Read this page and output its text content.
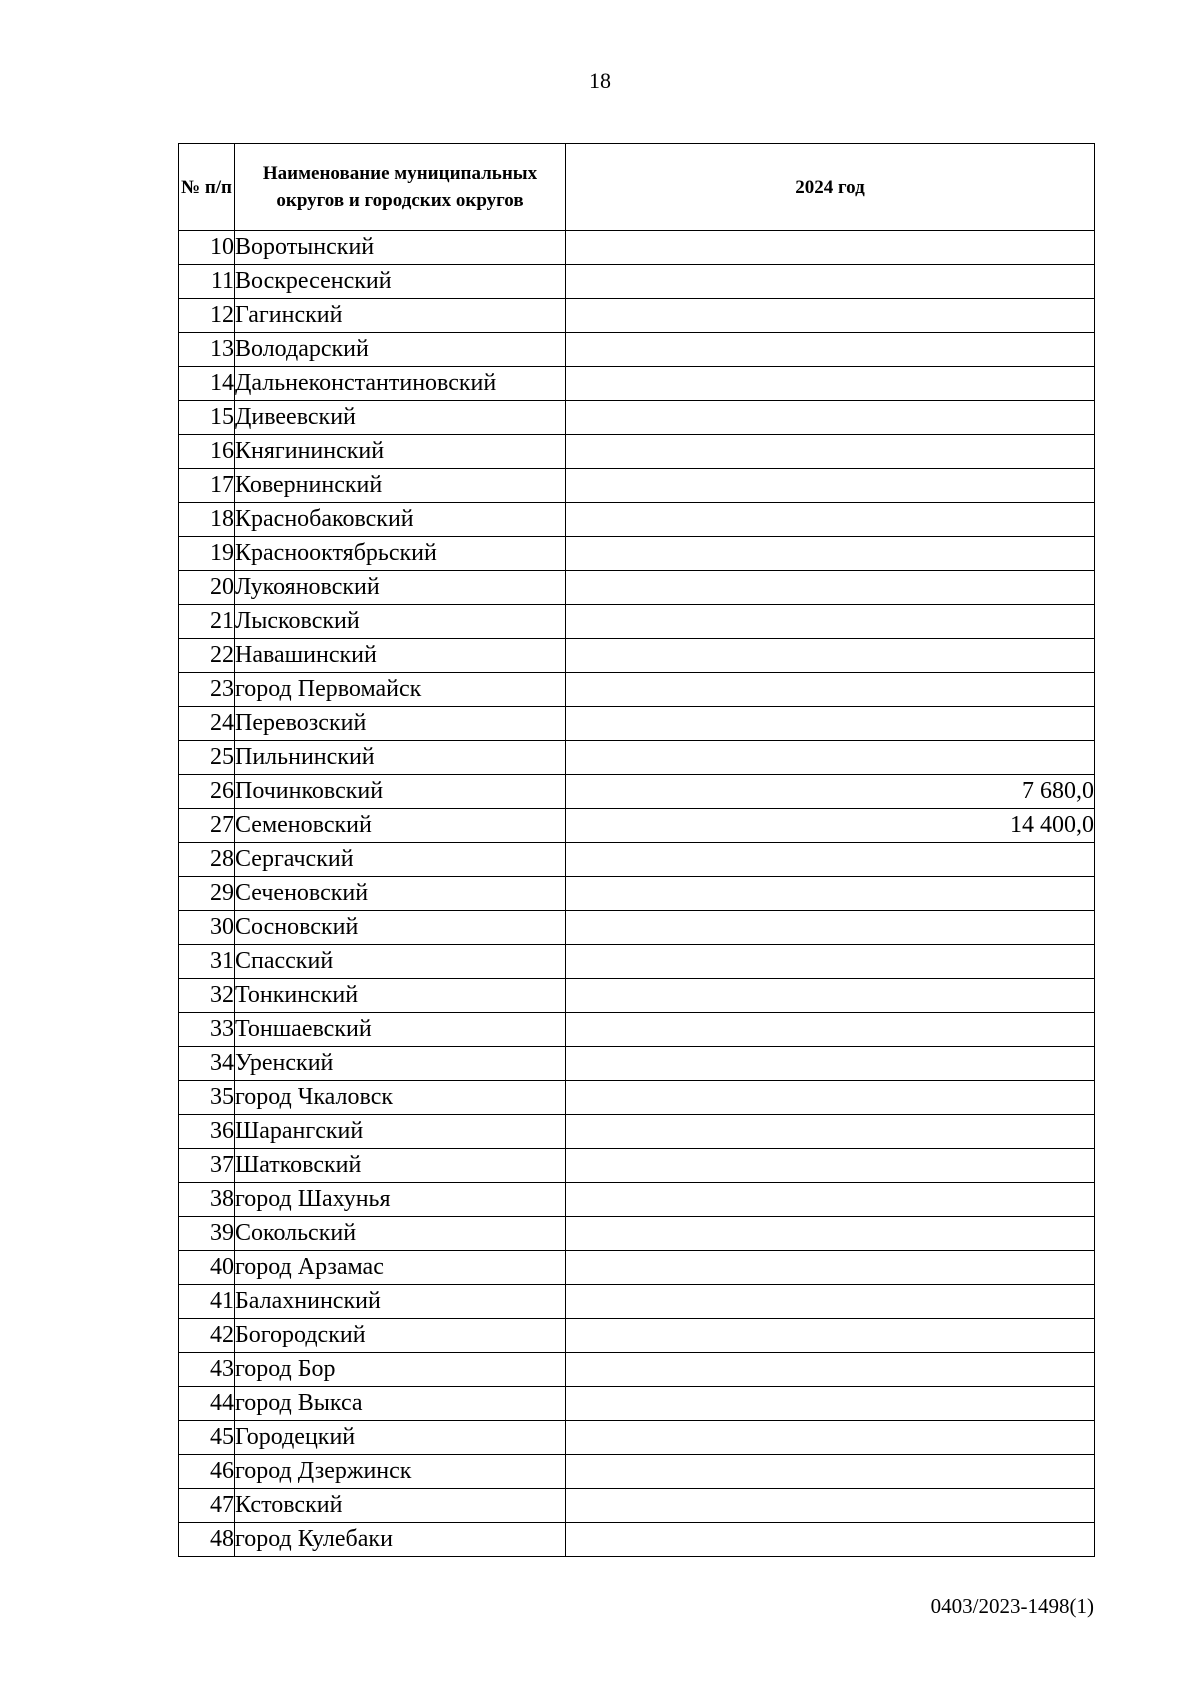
18
№ п/п	Наименование муниципальных округов и городских округов	2024 год
10	Воротынский	
11	Воскресенский	
12	Гагинский	
13	Володарский	
14	Дальнеконстантиновский	
15	Дивеевский	
16	Княгининский	
17	Ковернинский	
18	Краснобаковский	
19	Краснооктябрьский	
20	Лукояновский	
21	Лысковский	
22	Навашинский	
23	город Первомайск	
24	Перевозский	
25	Пильнинский	
26	Починковский	7 680,0
27	Семеновский	14 400,0
28	Сергачский	
29	Сеченовский	
30	Сосновский	
31	Спасский	
32	Тонкинский	
33	Тоншаевский	
34	Уренский	
35	город Чкаловск	
36	Шарангский	
37	Шатковский	
38	город Шахунья	
39	Сокольский	
40	город Арзамас	
41	Балахнинский	
42	Богородский	
43	город Бор	
44	город Выкса	
45	Городецкий	
46	город Дзержинск	
47	Кстовский	
48	город Кулебаки	
0403/2023-1498(1)
